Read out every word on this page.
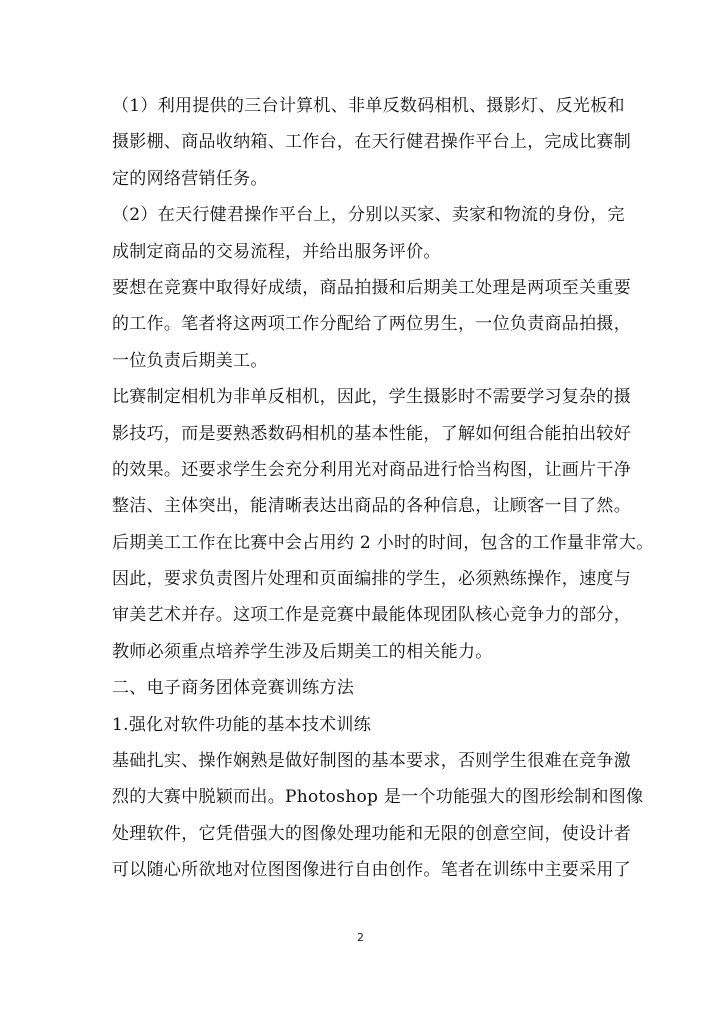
（1）利用提供的三台计算机、非单反数码相机、摄影灯、反光板和
摄影棚、商品收纳箱、工作台，在天行健君操作平台上，完成比赛制
定的网络营销任务。
（2）在天行健君操作平台上，分别以买家、卖家和物流的身份，完
成制定商品的交易流程，并给出服务评价。
要想在竞赛中取得好成绩，商品拍摄和后期美工处理是两项至关重要
的工作。笔者将这两项工作分配给了两位男生，一位负责商品拍摄，
一位负责后期美工。
比赛制定相机为非单反相机，因此，学生摄影时不需要学习复杂的摄
影技巧，而是要熟悉数码相机的基本性能，了解如何组合能拍出较好
的效果。还要求学生会充分利用光对商品进行恰当构图，让画片干净
整洁、主体突出，能清晰表达出商品的各种信息，让顾客一目了然。
后期美工工作在比赛中会占用约 2 小时的时间，包含的工作量非常大。
因此，要求负责图片处理和页面编排的学生，必须熟练操作，速度与
审美艺术并存。这项工作是竞赛中最能体现团队核心竞争力的部分，
教师必须重点培养学生涉及后期美工的相关能力。
二、电子商务团体竞赛训练方法
1.强化对软件功能的基本技术训练
基础扎实、操作娴熟是做好制图的基本要求，否则学生很难在竞争激
烈的大赛中脱颖而出。Photoshop 是一个功能强大的图形绘制和图像
处理软件，它凭借强大的图像处理功能和无限的创意空间，使设计者
可以随心所欲地对位图图像进行自由创作。笔者在训练中主要采用了
2
